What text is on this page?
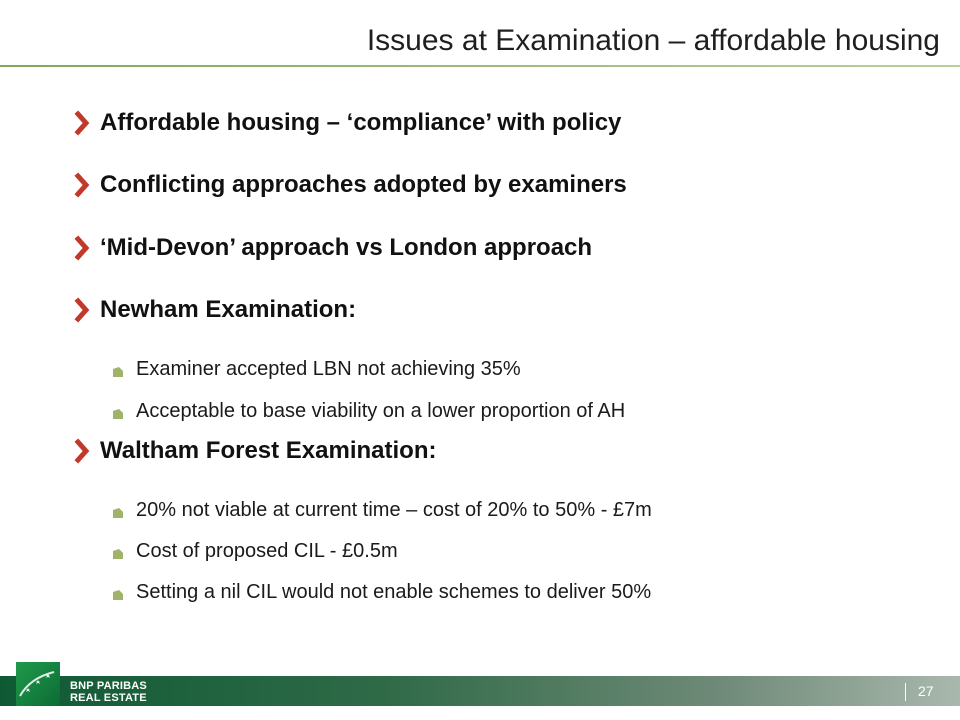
Issues at Examination – affordable housing
Affordable housing – ‘compliance’ with policy
Conflicting approaches adopted by examiners
‘Mid-Devon’ approach vs London approach
Newham Examination:
Examiner accepted LBN not achieving 35%
Acceptable to base viability on a lower proportion of AH
Waltham Forest Examination:
20% not viable at current time – cost of 20% to 50% - £7m
Cost of proposed CIL - £0.5m
Setting a nil CIL would not enable schemes to deliver 50%
BNP PARIBAS
REAL ESTATE	27
